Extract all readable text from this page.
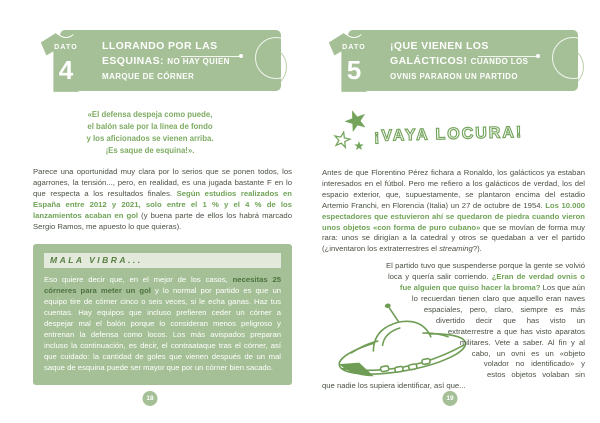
LLORANDO POR LAS ESQUINAS: NO HAY QUIEN MARQUE DE CÓRNER
DATO
4
«El defensa despeja como puede,
el balón sale por la línea de fondo
y los aficionados se vienen arriba.
¡Es saque de esquina!».

Parece una oportunidad muy clara por lo serios que se ponen todos, los agarrones, la tensión..., pero, en realidad, es una jugada bastante F en lo que respecta a los resultados finales. Según estudios realizados en España entre 2012 y 2021, solo entre el 1 % y el 4 % de los lanzamientos acaban en gol (y buena parte de ellos los habrá marcado Sergio Ramos, me apuesto lo que quieras).

MALA VIBRA...
Eso quiere decir que, en el mejor de los casos, necesitas 25 córneres para meter un gol y lo normal por partido es que un equipo tire de córner cinco o seis veces, si le echa ganas. Haz tus cuentas. Hay equipos que incluso prefieren ceder un córner a despejar mal el balón porque lo consideran menos peligroso y entrenan la defensa como locos. Los más avispados preparan incluso la continuación, es decir, el contraataque tras el córner, así que cuidado: la cantidad de goles que vienen después de un mal saque de esquina puede ser mayor que por un córner bien sacado.
18
¡QUE VIENEN LOS GALÁCTICOS! CUANDO LOS OVNIS PARARON UN PARTIDO
DATO
5
¡VAYA LOCURA!

Antes de que Florentino Pérez fichara a Ronaldo, los galácticos ya estaban interesados en el fútbol. Pero me refiero a los galácticos de verdad, los del espacio exterior, que, supuestamente, se plantaron encima del estadio Artemio Franchi, en Florencia (Italia) un 27 de octubre de 1954. Los 10.000 espectadores que estuvieron ahí se quedaron de piedra cuando vieron unos objetos «con forma de puro cubano» que se movían de forma muy rara: unos se dirigían a la catedral y otros se quedaban a ver el partido (¿inventaron los extraterrestres el streaming?).

El partido tuvo que suspenderse porque la gente se volvió loca y quería salir corriendo. ¿Eran de verdad ovnis o fue alguien que quiso hacer la broma? Los que aún lo recuerdan tienen claro que aquello eran naves espaciales, pero, claro, siempre es más divertido decir que has visto un extraterrestre a que has visto aparatos militares. Vete a saber. Al fin y al cabo, un ovni es un «objeto volador no identificado» y estos objetos volaban sin que nadie los supiera identificar, así que...

19
